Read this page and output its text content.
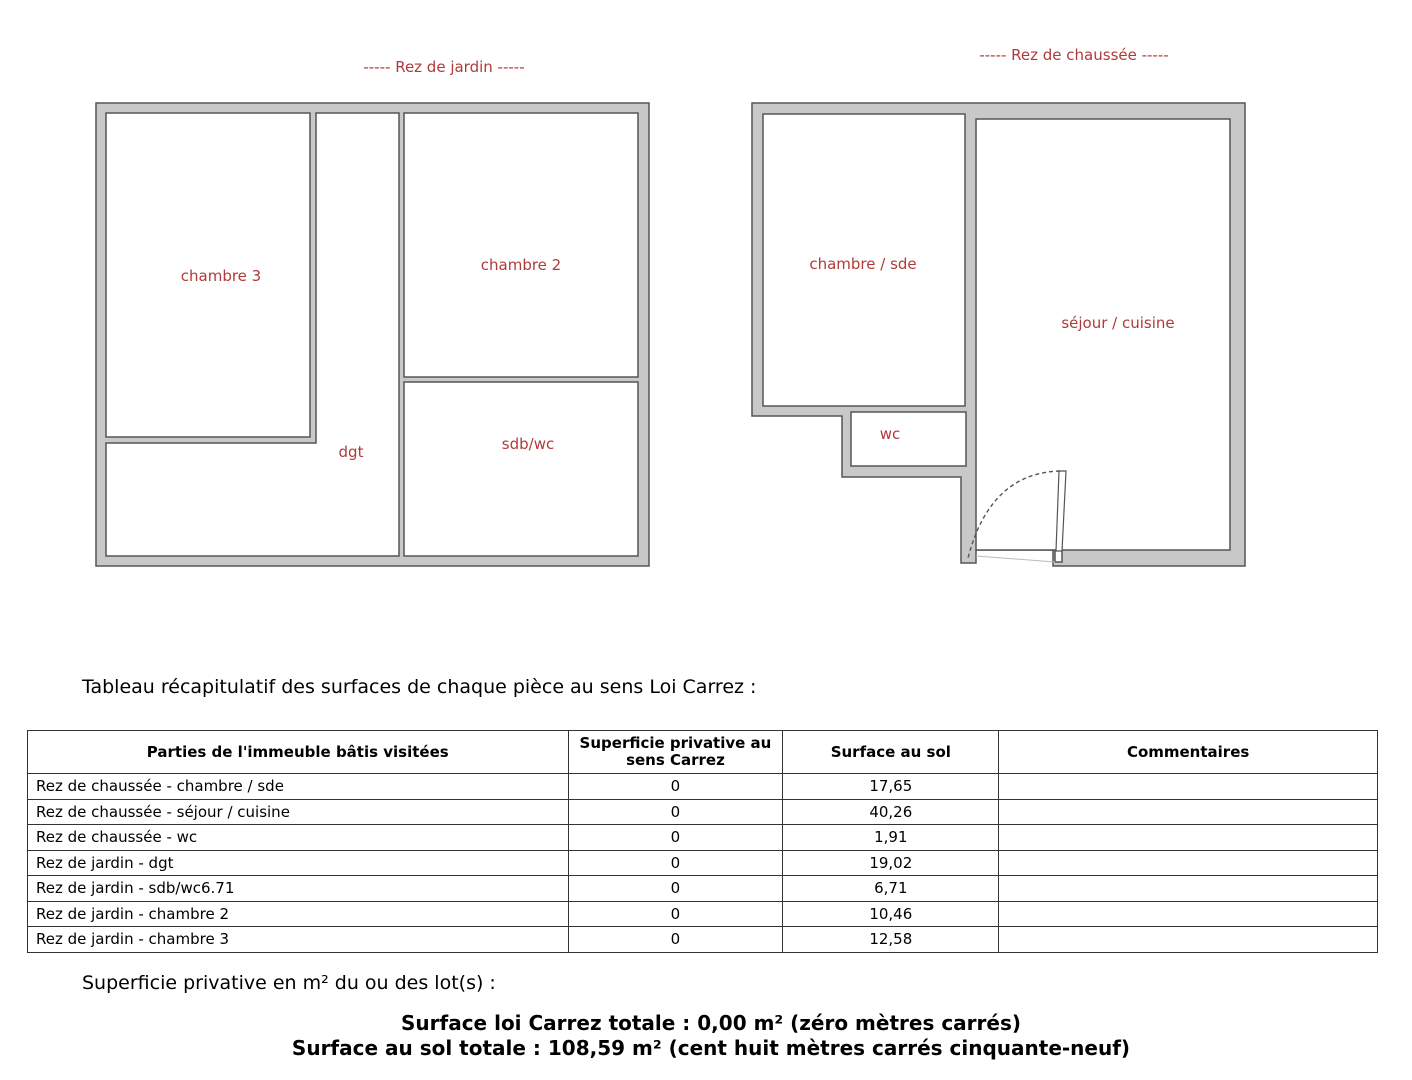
----- Rez de jardin -----
chambre 3
chambre 2
dgt	sdb/wc
----- Rez de chaussée -----
chambre / sde
séjour / cuisine
wc
Tableau récapitulatif des surfaces de chaque pièce au sens Loi Carrez :
Parties de l'immeuble bâtis visitées	Superficie privative au
sens Carrez	Surface au sol	Commentaires
Rez de chaussée - chambre / sde	0	17,65	
Rez de chaussée - séjour / cuisine	0	40,26	
Rez de chaussée - wc	0	1,91	
Rez de jardin - dgt	0	19,02	
Rez de jardin - sdb/wc6.71	0	6,71	
Rez de jardin - chambre 2	0	10,46	
Rez de jardin - chambre 3	0	12,58	
Superficie privative en m² du ou des lot(s) :
Surface loi Carrez totale : 0,00 m² (zéro mètres carrés)
Surface au sol totale : 108,59 m² (cent huit mètres carrés cinquante-neuf)
